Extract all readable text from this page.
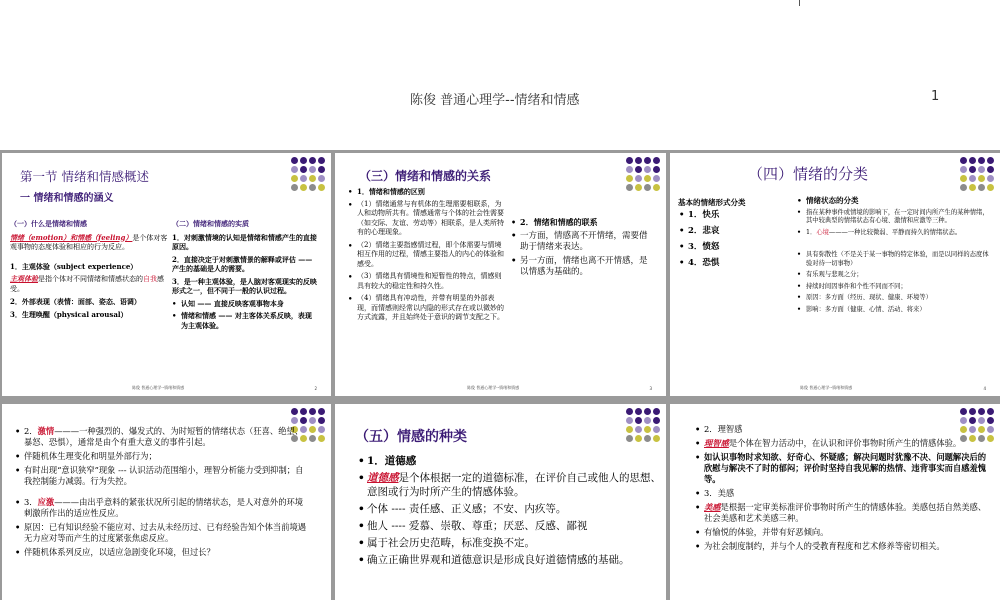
陈俊 普通心理学--情绪和情感	1
第一节 情绪和情感概述
一 情绪和情感的涵义
（一）什么是情绪和情感

情绪（emotion）和情感（feeling）是个体对客观事物的态度体验和相应的行为反应。

1．主观体验（subject experience）

主观体验是指个体对不同情绪和情感状态的自我感受。

2．外部表现（表情：面部、姿态、语调）

3．生理唤醒（physical arousal）

（二）情绪和情感的实质

1．对刺激情境的认知是情绪和情感产生的直接原因。

2．直接决定于对刺激情景的解释或评估 —— 产生的基础是人的需要。

3．是一种主观体验，是人脑对客观现实的反映形式之一，但不同于一般的认识过程。

• 认知 —— 直接反映客观事物本身

• 情绪和情感 —— 对主客体关系反映，表现为主观体验。

陈俊 普通心理学--情绪和情感	2
（三）情绪和情感的关系

• 1．情绪和情感的区别

• （1）情绪通常与有机体的生理需要相联系，为人和动物所共有。情感通常与个体的社会性需要（如交际、友谊、劳动等）相联系，是人类所特有的心理现象。

• （2）情绪主要指感情过程，即个体需要与情境相互作用的过程，情感主要指人的内心的体验和感受。

• （3）情绪具有情境性和短暂性的特点，情感则具有较大的稳定性和持久性。

• （4）情绪具有冲动性，并带有明显的外部表现，而情感则经常以内隐的形式存在或以微妙的方式流露，并且始终处于意识的调节支配之下。

• 2．情绪和情感的联系

• 一方面，情感离不开情绪，需要借助于情绪来表达。

• 另一方面，情绪也离不开情感，是以情感为基础的。

陈俊 普通心理学--情绪和情感	3
（四）情绪的分类
基本的情绪形式分类

• 1．快乐

• 2．悲哀

• 3．愤怒

• 4．恐惧

• 情绪状态的分类

• 指在某种事件或情境的影响下，在一定时间内所产生的某种情绪，其中较典型的情绪状态有心境、激情和应激等三种。

• 1．心境———一种比较微弱、平静而持久的情绪状态。

• 具有弥散性（不是关于某一事物的特定体验，而是以同样的态度体验对待一切事物）

• 有乐观与悲观之分；

• 持续时间因事件和个性不同而不同；

• 原因：多方面（经历、现状、健康、环境等）

• 影响：多方面（健康、心情、活动、将来）

陈俊 普通心理学--情绪和情感	4

• 2．激情———一种强烈的、爆发式的、为时短暂的情绪状态（狂喜、绝望、暴怒、恐惧），通常是由个有重大意义的事件引起。

• 伴随机体生理变化和明显外部行为；

• 有时出现“意识狭窄”现象 --- 认识活动范围缩小，理智分析能力受到抑制；自我控制能力减弱。行为失控。

• 3．应激———由出乎意料的紧张状况所引起的情绪状态，是人对意外的环境刺激所作出的适应性反应。

• 原因：已有知识经验不能应对、过去从未经历过、已有经验告知个体当前境遇无力应对等而产生的过度紧张焦虑反应。

• 伴随机体系列反应，以适应急剧变化环境，但过长？

（五）情感的种类

• 1．道德感

• 道德感是个体根据一定的道德标准，在评价自己或他人的思想、意图或行为时所产生的情感体验。

• 个体 ---- 责任感、正义感；不安、内疚等。

• 他人 ---- 爱慕、崇敬、尊重；厌恶、反感、鄙视

• 属于社会历史范畴，标准变换不定。

• 确立正确世界观和道德意识是形成良好道德情感的基础。

• 2．理智感

• 理智感是个体在智力活动中，在认识和评价事物时所产生的情感体验。

• 如认识事物时求知欲、好奇心、怀疑感；解决问题时犹豫不决、问题解决后的欣慰与解决不了时的郁闷；评价时坚持自我见解的热情、违背事实而自感羞愧等。

• 3．美感

• 美感是根据一定审美标准评价事物时所产生的情感体验。美感包括自然美感、社会美感和艺术美感三种。

• 有愉悦的体验，并带有好恶倾向。

• 为社会制度制约，并与个人的受教育程度和艺术修养等密切相关。
